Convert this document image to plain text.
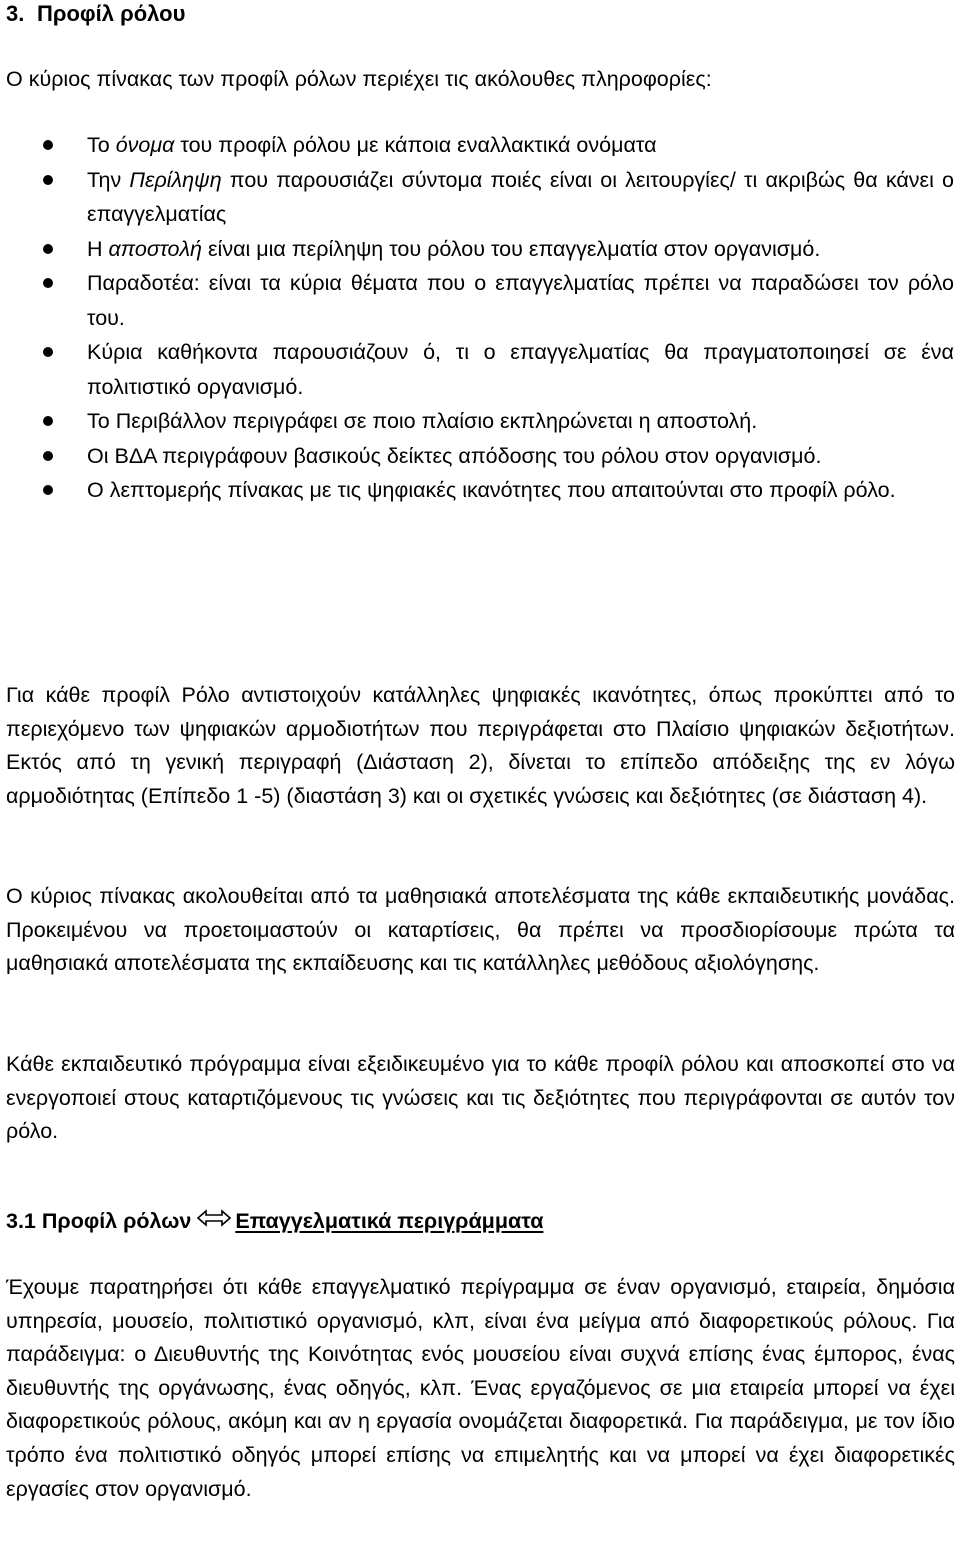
3. Προφίλ ρόλου
Ο κύριος πίνακας των προφίλ ρόλων περιέχει τις ακόλουθες πληροφορίες:
Το όνομα του προφίλ ρόλου με κάποια εναλλακτικά ονόματα
Την Περίληψη που παρουσιάζει σύντομα ποιές είναι οι λειτουργίες/ τι ακριβώς θα κάνει ο επαγγελματίας
Η αποστολή είναι μια περίληψη του ρόλου του επαγγελματία στον οργανισμό.
Παραδοτέα: είναι τα κύρια θέματα που ο επαγγελματίας πρέπει να παραδώσει τον ρόλο του.
Κύρια καθήκοντα παρουσιάζουν ό, τι ο επαγγελματίας θα πραγματοποιησεί σε ένα πολιτιστικό οργανισμό.
Το Περιβάλλον περιγράφει σε ποιο πλαίσιο εκπληρώνεται η αποστολή.
Οι ΒΔΑ περιγράφουν βασικούς δείκτες απόδοσης του ρόλου στον οργανισμό.
Ο λεπτομερής πίνακας με τις ψηφιακές ικανότητες που απαιτούνται στο προφίλ ρόλο.
Για κάθε προφίλ Ρόλο αντιστοιχούν κατάλληλες ψηφιακές ικανότητες, όπως προκύπτει από το περιεχόμενο των ψηφιακών αρμοδιοτήτων που περιγράφεται στο Πλαίσιο ψηφιακών δεξιοτήτων. Εκτός από τη γενική περιγραφή (Διάσταση 2), δίνεται το επίπεδο απόδειξης της εν λόγω αρμοδιότητας (Επίπεδο 1 -5) (διαστάση 3) και οι σχετικές γνώσεις και δεξιότητες (σε διάσταση 4).
Ο κύριος πίνακας ακολουθείται από τα μαθησιακά αποτελέσματα της κάθε εκπαιδευτικής μονάδας. Προκειμένου να προετοιμαστούν οι καταρτίσεις, θα πρέπει να προσδιορίσουμε πρώτα τα μαθησιακά αποτελέσματα της εκπαίδευσης και τις κατάλληλες μεθόδους αξιολόγησης.
Κάθε εκπαιδευτικό πρόγραμμα είναι εξειδικευμένο για το κάθε προφίλ ρόλου και αποσκοπεί στο να ενεργοποιεί στους καταρτιζόμενους τις γνώσεις και τις δεξιότητες που περιγράφονται σε αυτόν τον ρόλο.
3.1 Προφίλ ρόλων Επαγγελματικά περιγράμματα
Έχουμε παρατηρήσει ότι κάθε επαγγελματικό περίγραμμα σε έναν οργανισμό, εταιρεία, δημόσια υπηρεσία, μουσείο, πολιτιστικό οργανισμό, κλπ, είναι ένα μείγμα από διαφορετικούς ρόλους. Για παράδειγμα: ο Διευθυντής της Κοινότητας ενός μουσείου είναι συχνά επίσης ένας έμπορος, ένας διευθυντής της οργάνωσης, ένας οδηγός, κλπ. Ένας εργαζόμενος σε μια εταιρεία μπορεί να έχει διαφορετικούς ρόλους, ακόμη και αν η εργασία ονομάζεται διαφορετικά. Για παράδειγμα, με τον ίδιο τρόπο ένα πολιτιστικό οδηγός μπορεί επίσης να επιμελητής και να μπορεί να έχει διαφορετικές εργασίες στον οργανισμό.
